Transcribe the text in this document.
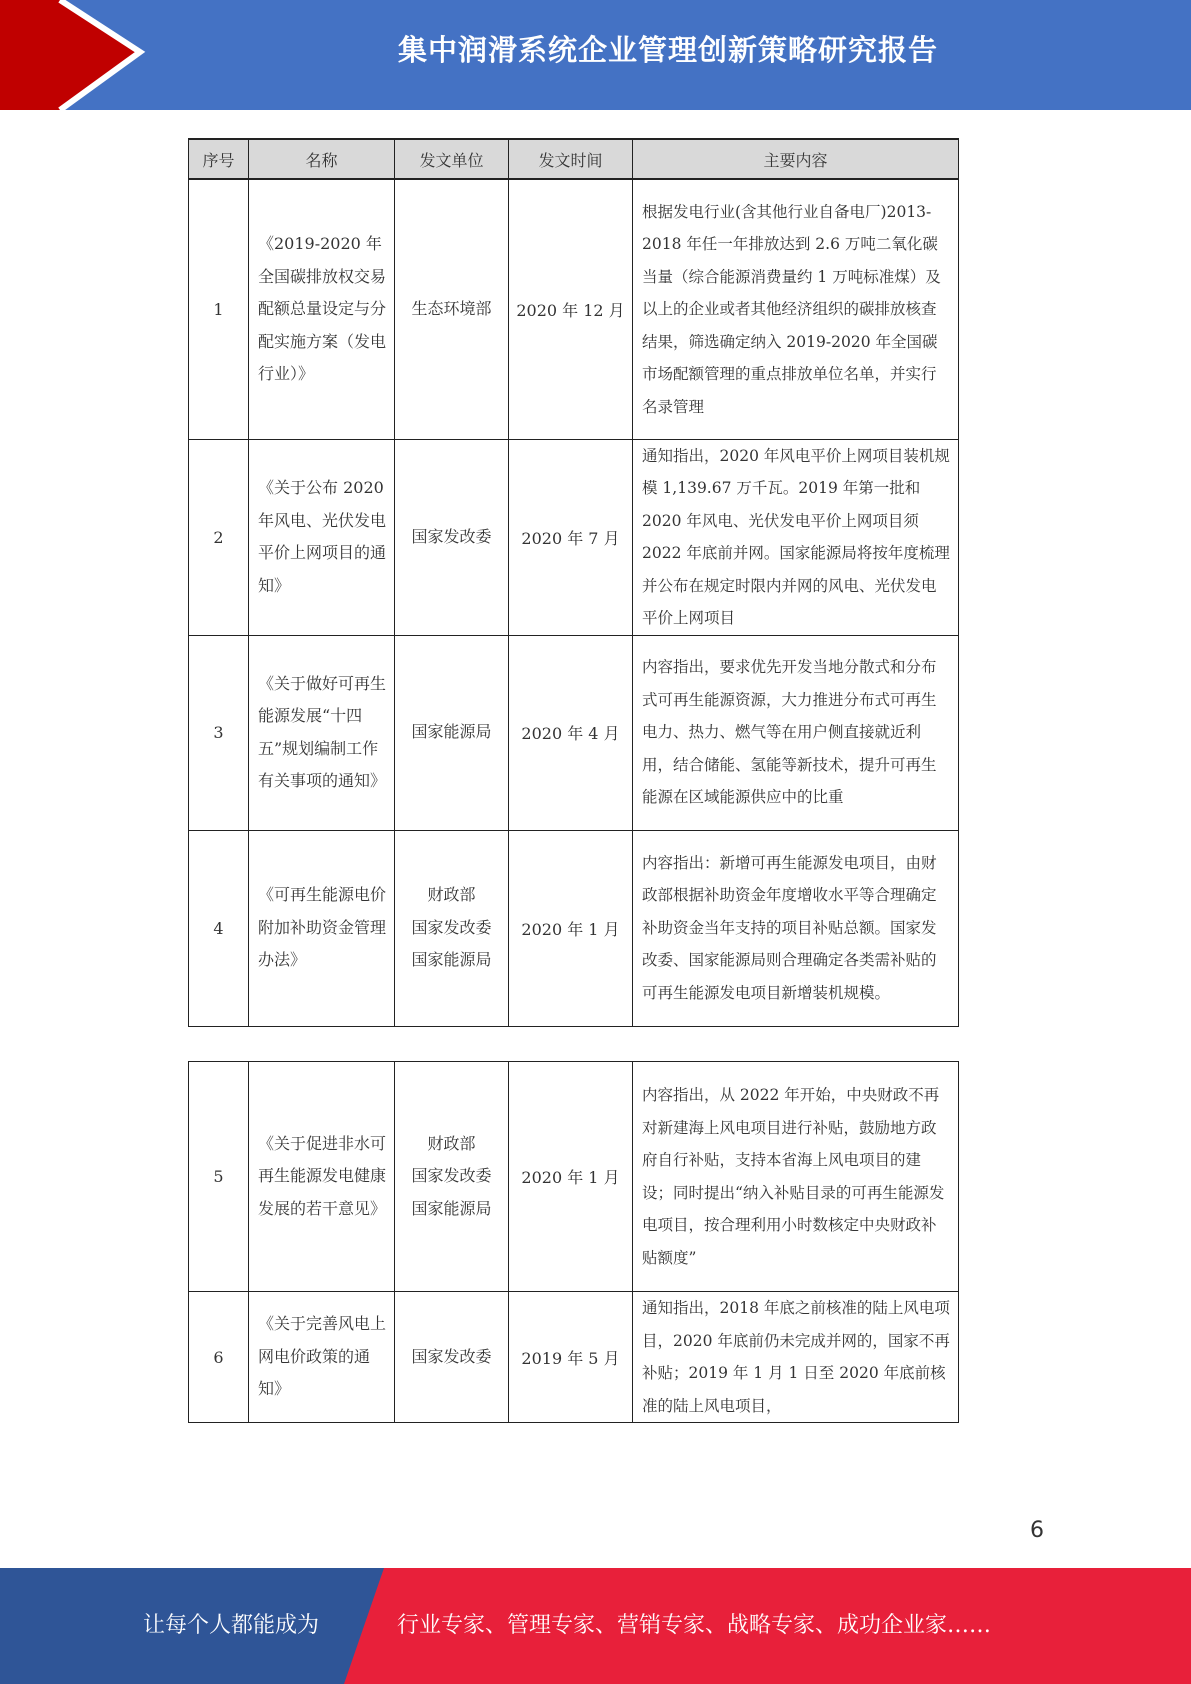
集中润滑系统企业管理创新策略研究报告
序号	名称	发文单位	发文时间	主要内容
1	《2019-2020 年全国碳排放权交易配额总量设定与分配实施方案（发电行业）》	生态环境部	2020 年 12 月	根据发电行业(含其他行业自备电厂)2013-2018 年任一年排放达到 2.6 万吨二氧化碳当量（综合能源消费量约 1 万吨标准煤）及以上的企业或者其他经济组织的碳排放核查结果，筛选确定纳入 2019-2020 年全国碳市场配额管理的重点排放单位名单，并实行名录管理
2	《关于公布 2020 年风电、光伏发电平价上网项目的通知》	国家发改委	2020 年 7 月	通知指出，2020 年风电平价上网项目装机规模 1,139.67 万千瓦。2019 年第一批和 2020 年风电、光伏发电平价上网项目须 2022 年底前并网。国家能源局将按年度梳理并公布在规定时限内并网的风电、光伏发电平价上网项目
3	《关于做好可再生能源发展“十四五”规划编制工作有关事项的通知》	国家能源局	2020 年 4 月	内容指出，要求优先开发当地分散式和分布式可再生能源资源，大力推进分布式可再生电力、热力、燃气等在用户侧直接就近利用，结合储能、氢能等新技术，提升可再生能源在区域能源供应中的比重
4	《可再生能源电价附加补助资金管理办法》	财政部
国家发改委
国家能源局	2020 年 1 月	内容指出：新增可再生能源发电项目，由财政部根据补助资金年度增收水平等合理确定补助资金当年支持的项目补贴总额。国家发改委、国家能源局则合理确定各类需补贴的可再生能源发电项目新增装机规模。
5	《关于促进非水可再生能源发电健康发展的若干意见》	财政部
国家发改委
国家能源局	2020 年 1 月	内容指出，从 2022 年开始，中央财政不再对新建海上风电项目进行补贴，鼓励地方政府自行补贴，支持本省海上风电项目的建设；同时提出“纳入补贴目录的可再生能源发电项目，按合理利用小时数核定中央财政补贴额度”
6	《关于完善风电上网电价政策的通知》	国家发改委	2019 年 5 月	通知指出，2018 年底之前核准的陆上风电项目，2020 年底前仍未完成并网的，国家不再补贴；2019 年 1 月 1 日至 2020 年底前核准的陆上风电项目，
6
让每个人都能成为	行业专家、管理专家、营销专家、战略专家、成功企业家……
